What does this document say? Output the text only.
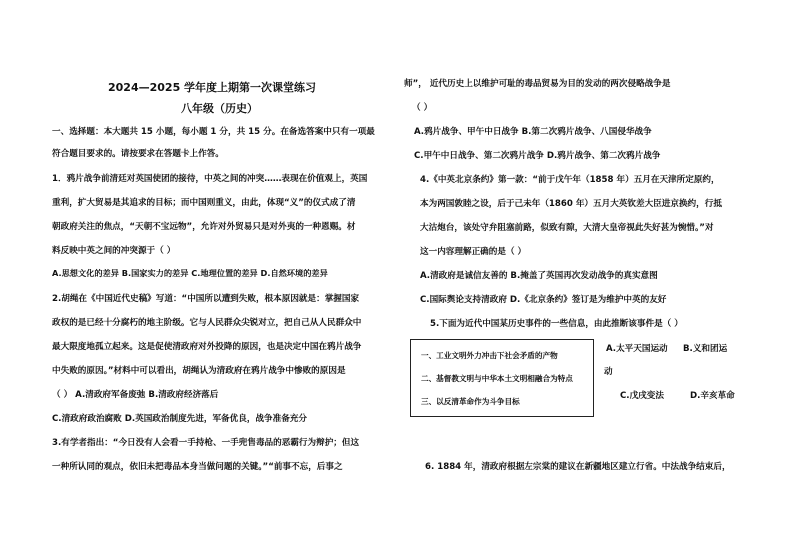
2024—2025 学年度上期第一次课堂练习
八年级（历史）
一、选择题：本大题共 15 小题，每小题 1 分，共 15 分。在备选答案中只有一项最
符合题目要求的。请按要求在答题卡上作答。
1．鸦片战争前清廷对英国使团的接待，中英之间的冲突……表现在价值观上，英国
重利，扩大贸易是其追求的目标；而中国则重义，由此，体现“义”的仪式成了清
朝政府关注的焦点，“天朝不宝远物”，允许对外贸易只是对外夷的一种恩赐。材
料反映中英之间的冲突源于（ ）
A.思想文化的差异 B.国家实力的差异 C.地理位置的差异 D.自然环境的差异
2.胡绳在《中国近代史稿》写道：“中国所以遭到失败，根本原因就是：掌握国家
政权的是已经十分腐朽的地主阶级。它与人民群众尖锐对立，把自己从人民群众中
最大限度地孤立起来。这是促使清政府对外投降的原因，也是决定中国在鸦片战争
中失败的原因。”材料中可以看出，胡绳认为清政府在鸦片战争中惨败的原因是
（ ） A.清政府军备废弛 B.清政府经济落后
C.清政府政治腐败 D.英国政治制度先进，军备优良，战争准备充分
3.有学者指出：“今日没有人会看一手持枪、一手兜售毒品的恶霸行为辩护；但这
一种所认同的观点，依旧未把毒品本身当做问题的关键。”“前事不忘，后事之
师”， 近代历史上以维护可耻的毒品贸易为目的发动的两次侵略战争是
（ ）
A.鸦片战争、甲午中日战争 B.第二次鸦片战争、八国侵华战争
C.甲午中日战争、第二次鸦片战争 D.鸦片战争、第二次鸦片战争
4.《中英北京条约》第一款：“前于戊午年（1858 年）五月在天津所定原约，
本为两国敦睦之设，后于己未年（1860 年）五月大英钦差大臣进京换约，行抵
大沽炮台，该处守弁阻塞前路，似致有隙，大清大皇帝视此失好甚为惋惜。”对
这一内容理解正确的是（ ）
A.清政府是诚信友善的 B.掩盖了英国再次发动战争的真实意图
C.国际舆论支持清政府 D.《北京条约》签订是为维护中英的友好
5.下面为近代中国某历史事件的一些信息，由此推断该事件是（ ）
一、工业文明外力冲击下社会矛盾的产物
二、基督教文明与中华本土文明相融合为特点
三、以反清革命作为斗争目标
A.太平天国运动 B.义和团运
动
C.戊戌变法	D.辛亥革命
6. 1884 年，清政府根据左宗棠的建议在新疆地区建立行省。中法战争结束后，
